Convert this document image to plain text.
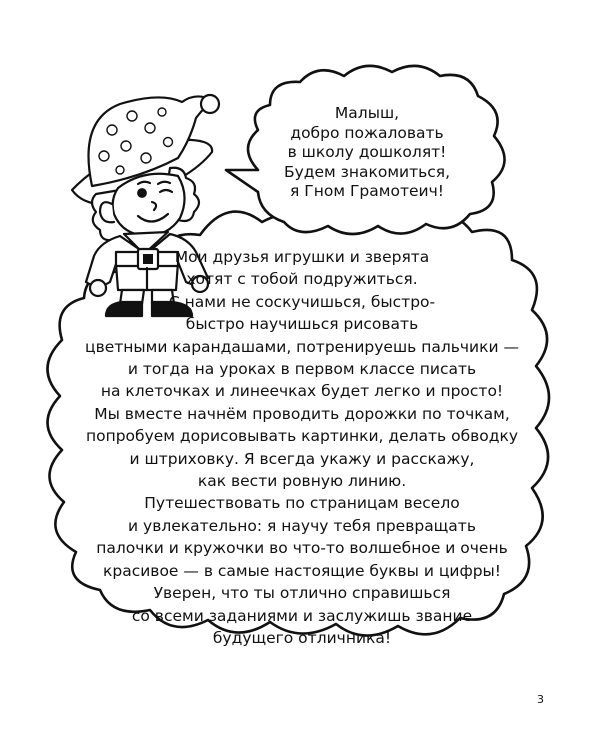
Малыш,
добро пожаловать
в школу дошколят!
Будем знакомиться,
я Гном Грамотеич!
Мои друзья игрушки и зверята
хотят с тобой подружиться.
С нами не соскучишься, быстро-
быстро научишься рисовать
цветными карандашами, потренируешь пальчики —
и тогда на уроках в первом классе писать
на клеточках и линеечках будет легко и просто!
Мы вместе начнём проводить дорожки по точкам,
попробуем дорисовывать картинки, делать обводку
и штриховку. Я всегда укажу и расскажу,
как вести ровную линию.
Путешествовать по страницам весело
и увлекательно: я научу тебя превращать
палочки и кружочки во что-то волшебное и очень
красивое — в самые настоящие буквы и цифры!
Уверен, что ты отлично справишься
со всеми заданиями и заслужишь звание
будущего отличника!
3
